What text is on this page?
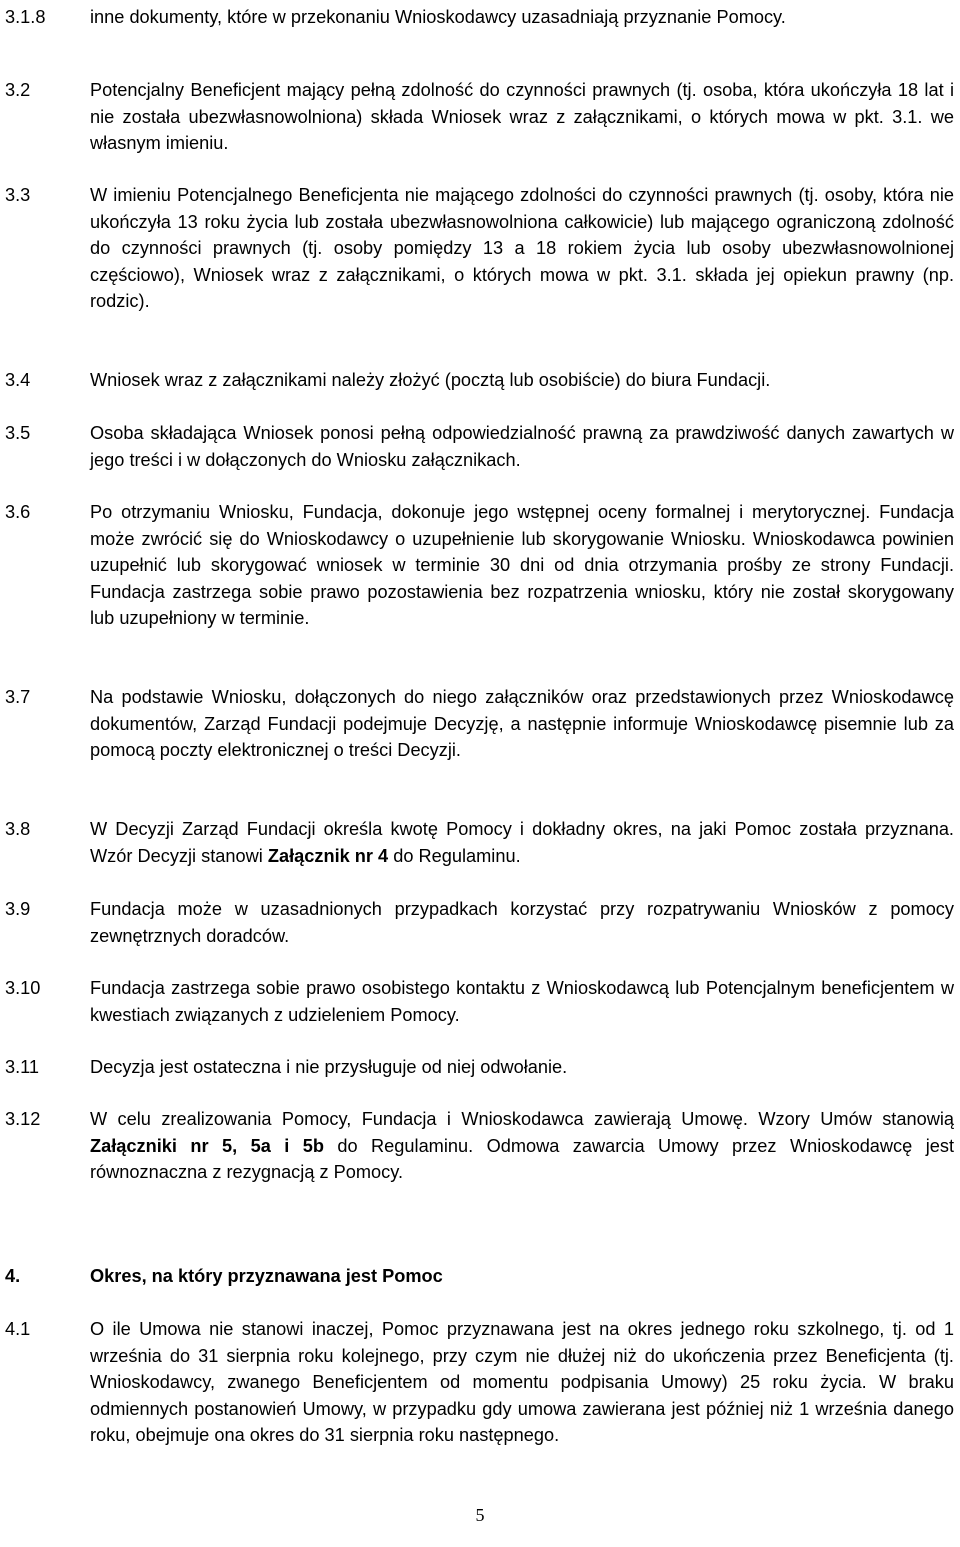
3.1.8 inne dokumenty, które w przekonaniu Wnioskodawcy uzasadniają przyznanie Pomocy.
3.2	Potencjalny Beneficjent mający pełną zdolność do czynności prawnych (tj. osoba, która ukończyła 18 lat i nie została ubezwłasnowolniona) składa Wniosek wraz z załącznikami, o których mowa w pkt. 3.1. we własnym imieniu.
3.3	W imieniu Potencjalnego Beneficjenta nie mającego zdolności do czynności prawnych (tj. osoby, która nie ukończyła 13 roku życia lub została ubezwłasnowolniona całkowicie) lub mającego ograniczoną zdolność do czynności prawnych (tj. osoby pomiędzy 13 a 18 rokiem życia lub osoby ubezwłasnowolnionej częściowo), Wniosek wraz z załącznikami, o których mowa w pkt. 3.1. składa jej opiekun prawny (np. rodzic).
3.4	Wniosek wraz z załącznikami należy złożyć (pocztą lub osobiście) do biura Fundacji.
3.5	Osoba składająca Wniosek ponosi pełną odpowiedzialność prawną za prawdziwość danych zawartych w jego treści i w dołączonych do Wniosku załącznikach.
3.6	Po otrzymaniu Wniosku, Fundacja, dokonuje jego wstępnej oceny formalnej i merytorycznej. Fundacja może zwrócić się do Wnioskodawcy o uzupełnienie lub skorygowanie Wniosku. Wnioskodawca powinien uzupełnić lub skorygować wniosek w terminie 30 dni od dnia otrzymania prośby ze strony Fundacji. Fundacja zastrzega sobie prawo pozostawienia bez rozpatrzenia wniosku, który nie został skorygowany lub uzupełniony w terminie.
3.7	Na podstawie Wniosku, dołączonych do niego załączników oraz przedstawionych przez Wnioskodawcę dokumentów, Zarząd Fundacji podejmuje Decyzję, a następnie informuje Wnioskodawcę pisemnie lub za pomocą poczty elektronicznej o treści Decyzji.
3.8	W Decyzji Zarząd Fundacji określa kwotę Pomocy i dokładny okres, na jaki Pomoc została przyznana. Wzór Decyzji stanowi Załącznik nr 4 do Regulaminu.
3.9	Fundacja może w uzasadnionych przypadkach korzystać przy rozpatrywaniu Wniosków z pomocy zewnętrznych doradców.
3.10	Fundacja zastrzega sobie prawo osobistego kontaktu z Wnioskodawcą lub Potencjalnym beneficjentem w kwestiach związanych z udzieleniem Pomocy.
3.11	Decyzja jest ostateczna i nie przysługuje od niej odwołanie.
3.12	W celu zrealizowania Pomocy, Fundacja i Wnioskodawca zawierają Umowę. Wzory Umów stanowią Załączniki nr 5, 5a i 5b do Regulaminu. Odmowa zawarcia Umowy przez Wnioskodawcę jest równoznaczna z rezygnacją z Pomocy.
4.	Okres, na który przyznawana jest Pomoc
4.1	O ile Umowa nie stanowi inaczej, Pomoc przyznawana jest na okres jednego roku szkolnego, tj. od 1 września do 31 sierpnia roku kolejnego, przy czym nie dłużej niż do ukończenia przez Beneficjenta (tj. Wnioskodawcy, zwanego Beneficjentem od momentu podpisania Umowy) 25 roku życia. W braku odmiennych postanowień Umowy, w przypadku gdy umowa zawierana jest później niż 1 września danego roku, obejmuje ona okres do 31 sierpnia roku następnego.
5
